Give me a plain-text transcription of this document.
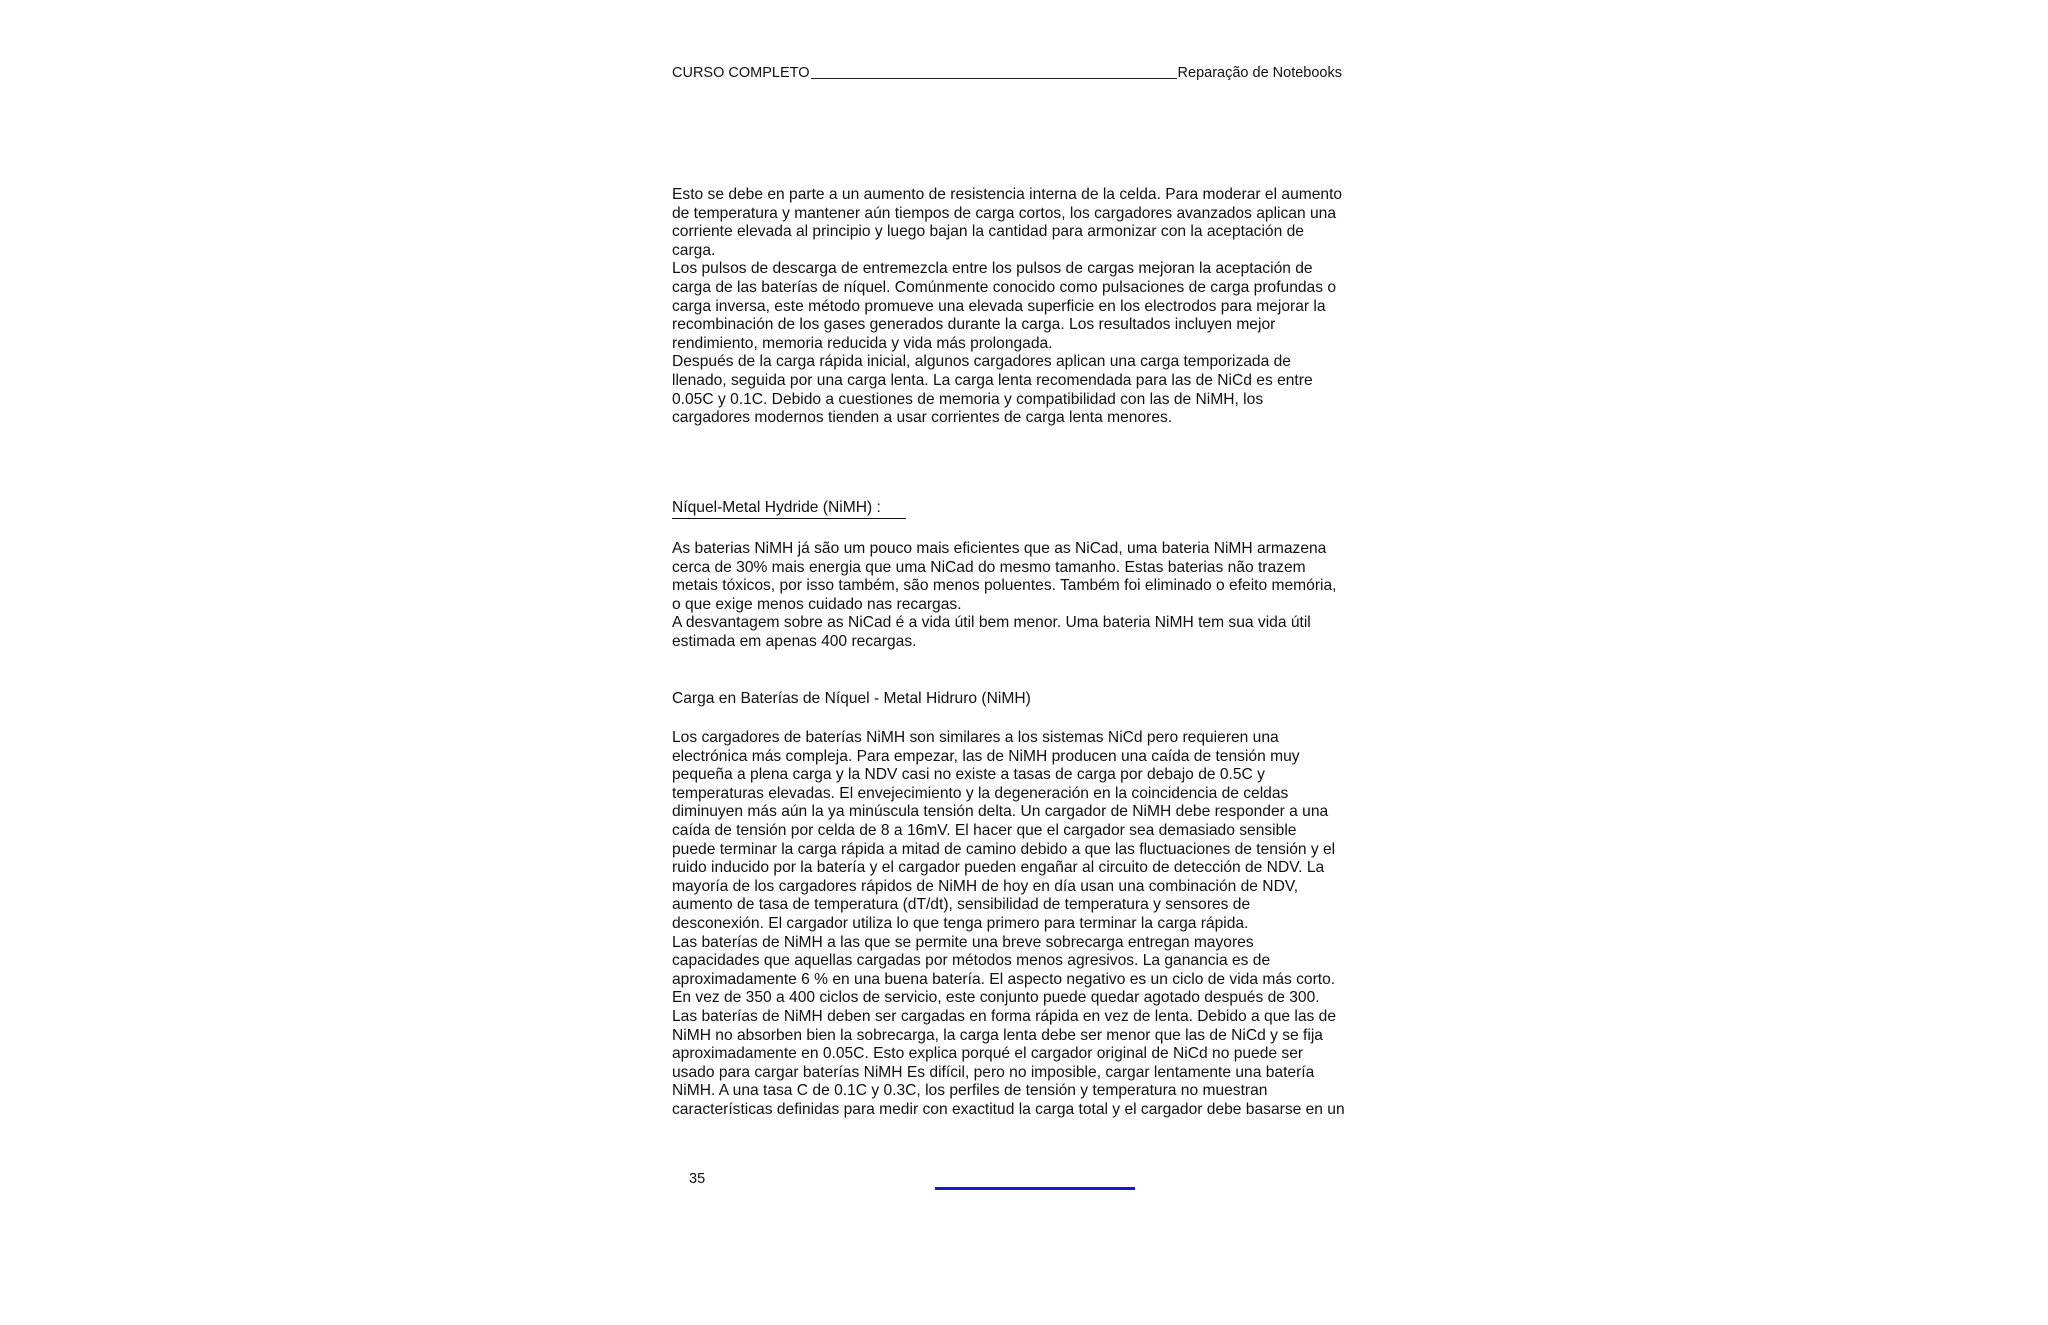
CURSO COMPLETO	Reparação de Notebooks
Esto se debe en parte a un aumento de resistencia interna de la celda. Para moderar el aumento
de temperatura y mantener aún tiempos de carga cortos, los cargadores avanzados aplican una
corriente elevada al principio y luego bajan la cantidad para armonizar con la aceptación de
carga.
Los pulsos de descarga de entremezcla entre los pulsos de cargas mejoran la aceptación de
carga de las baterías de níquel. Comúnmente conocido como pulsaciones de carga profundas o
carga inversa, este método promueve una elevada superficie en los electrodos para mejorar la
recombinación de los gases generados durante la carga. Los resultados incluyen mejor
rendimiento, memoria reducida y vida más prolongada.
Después de la carga rápida inicial, algunos cargadores aplican una carga temporizada de
llenado, seguida por una carga lenta. La carga lenta recomendada para las de NiCd es entre
0.05C y 0.1C. Debido a cuestiones de memoria y compatibilidad con las de NiMH, los
cargadores modernos tienden a usar corrientes de carga lenta menores.
Níquel-Metal Hydride (NiMH) :
As baterias NiMH já são um pouco mais eficientes que as NiCad, uma bateria NiMH armazena
cerca de 30% mais energia que uma NiCad do mesmo tamanho. Estas baterias não trazem
metais tóxicos, por isso também, são menos poluentes. Também foi eliminado o efeito memória,
o que exige menos cuidado nas recargas.
A desvantagem sobre as NiCad é a vida útil bem menor. Uma bateria NiMH tem sua vida útil
estimada em apenas 400 recargas.
Carga en Baterías de Níquel - Metal Hidruro (NiMH)
Los cargadores de baterías NiMH son similares a los sistemas NiCd pero requieren una
electrónica más compleja. Para empezar, las de NiMH producen una caída de tensión muy
pequeña a plena carga y la NDV casi no existe a tasas de carga por debajo de 0.5C y
temperaturas elevadas. El envejecimiento y la degeneración en la coincidencia de celdas
diminuyen más aún la ya minúscula tensión delta. Un cargador de NiMH debe responder a una
caída de tensión por celda de 8 a 16mV. El hacer que el cargador sea demasiado sensible
puede terminar la carga rápida a mitad de camino debido a que las fluctuaciones de tensión y el
ruido inducido por la batería y el cargador pueden engañar al circuito de detección de NDV. La
mayoría de los cargadores rápidos de NiMH de hoy en día usan una combinación de NDV,
aumento de tasa de temperatura (dT/dt), sensibilidad de temperatura y sensores de
desconexión. El cargador utiliza lo que tenga primero para terminar la carga rápida.
Las baterías de NiMH a las que se permite una breve sobrecarga entregan mayores
capacidades que aquellas cargadas por métodos menos agresivos. La ganancia es de
aproximadamente 6 % en una buena batería. El aspecto negativo es un ciclo de vida más corto.
En vez de 350 a 400 ciclos de servicio, este conjunto puede quedar agotado después de 300.
Las baterías de NiMH deben ser cargadas en forma rápida en vez de lenta. Debido a que las de
NiMH no absorben bien la sobrecarga, la carga lenta debe ser menor que las de NiCd y se fija
aproximadamente en 0.05C. Esto explica porqué el cargador original de NiCd no puede ser
usado para cargar baterías NiMH Es difícil, pero no imposible, cargar lentamente una batería
NiMH. A una tasa C de 0.1C y 0.3C, los perfiles de tensión y temperatura no muestran
características definidas para medir con exactitud la carga total y el cargador debe basarse en un
35
